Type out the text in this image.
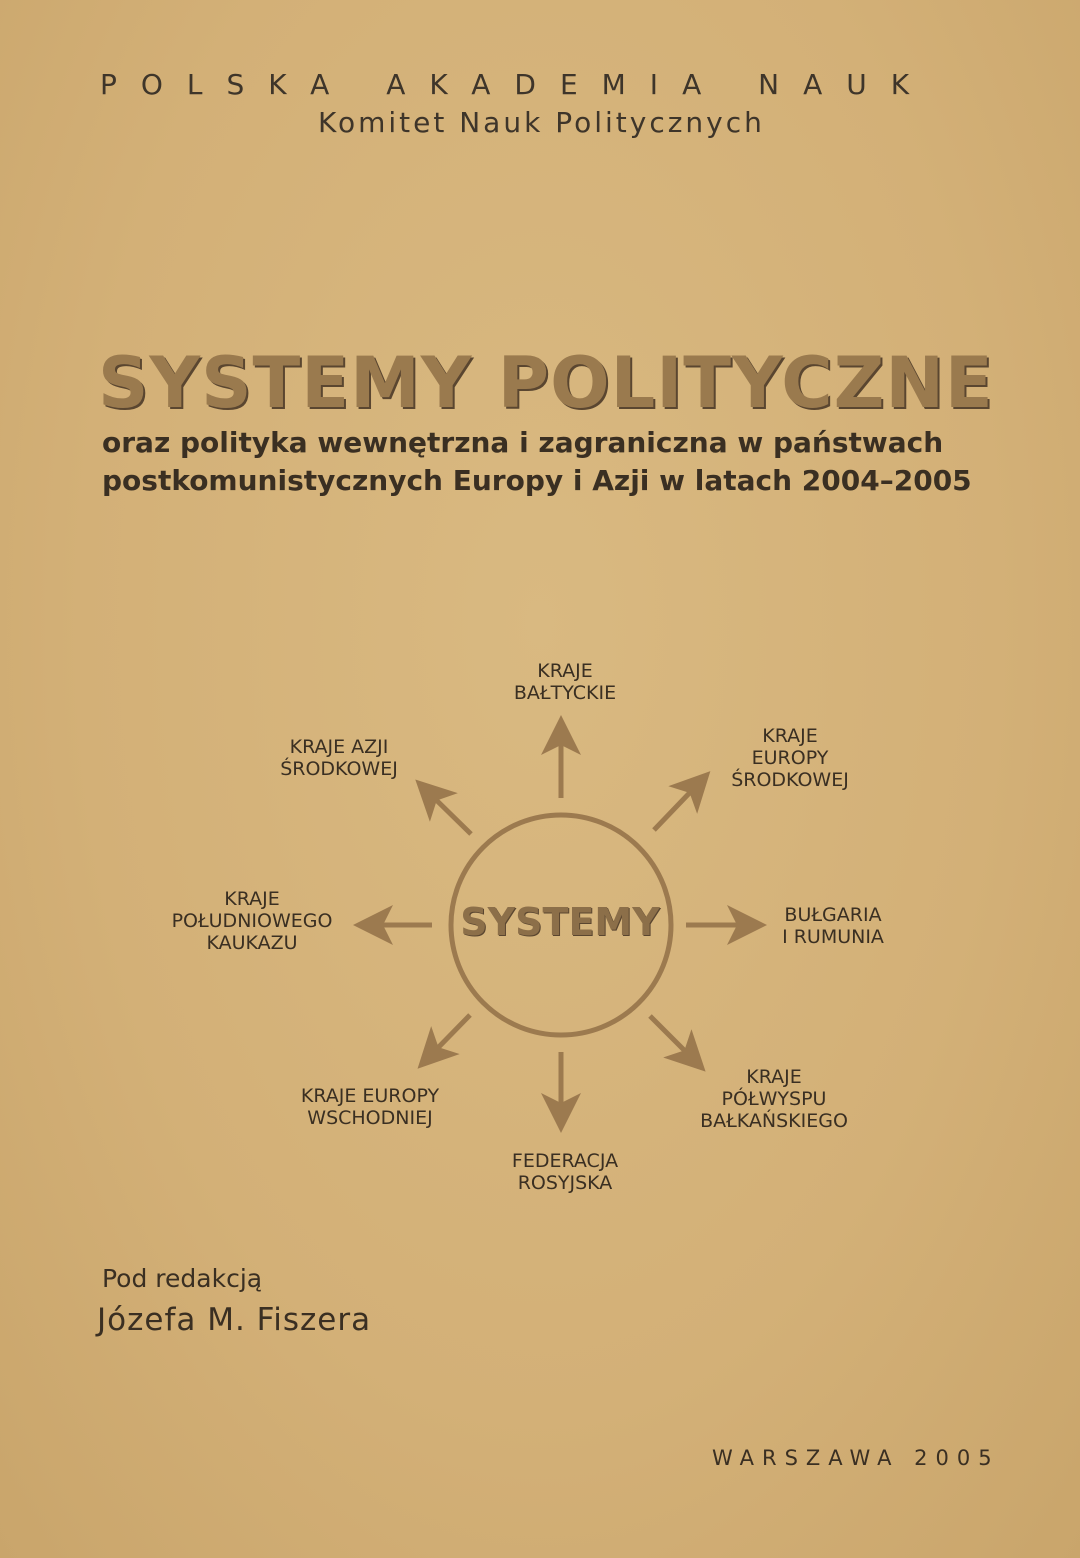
POLSKA AKADEMIA NAUK
Komitet Nauk Politycznych
SYSTEMY POLITYCZNE
oraz polityka wewnętrzna i zagraniczna w państwach
postkomunistycznych Europy i Azji w latach 2004–2005
SYSTEMY
KRAJE
BAŁTYCKIE
KRAJE
EUROPY
ŚRODKOWEJ
BUŁGARIA
I RUMUNIA
KRAJE
PÓŁWYSPU
BAŁKAŃSKIEGO
FEDERACJA
ROSYJSKA
KRAJE EUROPY
WSCHODNIEJ
KRAJE
POŁUDNIOWEGO
KAUKAZU
KRAJE AZJI
ŚRODKOWEJ
Pod redakcją
Józefa M. Fiszera
WARSZAWA 2005
